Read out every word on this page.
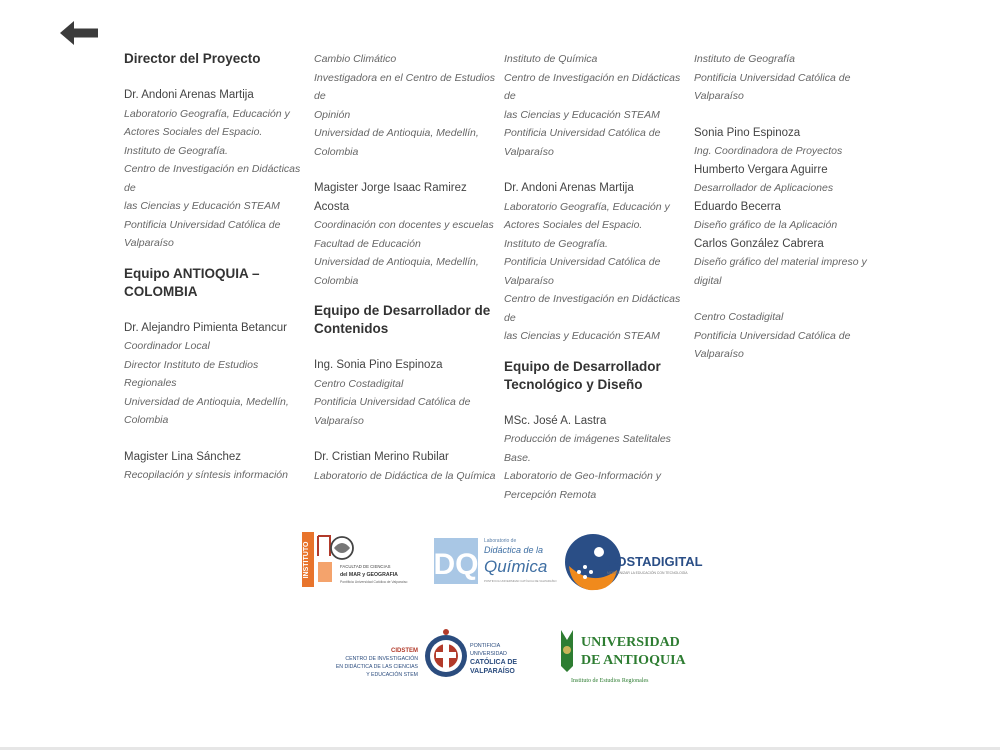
Director del Proyecto

Dr. Andoni Arenas Martija

Laboratorio Geografía, Educación y

Actores Sociales del Espacio.

Instituto de Geografía.

Centro de Investigación en Didácticas de

las Ciencias y Educación STEAM

Pontificia Universidad Católica de

Valparaíso

Equipo ANTIOQUIA –

COLOMBIA

Dr. Alejandro Pimienta Betancur

Coordinador Local

Director Instituto de Estudios Regionales

Universidad de Antioquia, Medellín,

Colombia

Magister Lina Sánchez

Recopilación y síntesis información

Cambio Climático

Investigadora en el Centro de Estudios de

Opinión

Universidad de Antioquia, Medellín,

Colombia

Magister Jorge Isaac Ramirez Acosta

Coordinación con docentes y escuelas

Facultad de Educación

Universidad de Antioquia, Medellín,

Colombia

Equipo de Desarrollador de

Contenidos

Ing. Sonia Pino Espinoza

Centro Costadigital

Pontificia Universidad Católica de

Valparaíso

Dr. Cristian Merino Rubilar

Laboratorio de Didáctica de la Química

Instituto de Química

Centro de Investigación en Didácticas de

las Ciencias y Educación STEAM

Pontificia Universidad Católica de

Valparaíso

Dr. Andoni Arenas Martija

Laboratorio Geografía, Educación y

Actores Sociales del Espacio.

Instituto de Geografía.

Pontificia Universidad Católica de

Valparaíso

Centro de Investigación en Didácticas de

las Ciencias y Educación STEAM

Equipo de Desarrollador

Tecnológico y Diseño

MSc. José A. Lastra

Producción de imágenes Satelitales Base.

Laboratorio de Geo-Información y

Percepción Remota

Instituto de Geografía

Pontificia Universidad Católica de

Valparaíso

Sonia Pino Espinoza

Ing. Coordinadora de Proyectos

Humberto Vergara Aguirre

Desarrollador de Aplicaciones

Eduardo Becerra

Diseño gráfico de la Aplicación

Carlos González Cabrera

Diseño gráfico del material impreso y

digital

Centro Costadigital

Pontificia Universidad Católica de

Valparaíso

INSTITUTO	FACULTAD DE CIENCIAS
del MAR y GEOGRAFIA
Pontificia Universidad Católica de Valparaíso
DQ
Laboratorio de
Didáctica de la
Química
PONTIFICIA UNIVERSIDAD CATÓLICA DE VALPARAÍSO
COSTADIGITAL
MODERNIZAR LA EDUCACIÓN CON TECNOLOGÍA
CIDSTEM
CENTRO DE INVESTIGACIÓN
EN DIDÁCTICA DE LAS CIENCIAS
Y EDUCACIÓN STEM
PONTIFICIA
UNIVERSIDAD
CATÓLICA DE
VALPARAÍSO
UNIVERSIDAD
DE ANTIOQUIA
Instituto de Estudios Regionales
